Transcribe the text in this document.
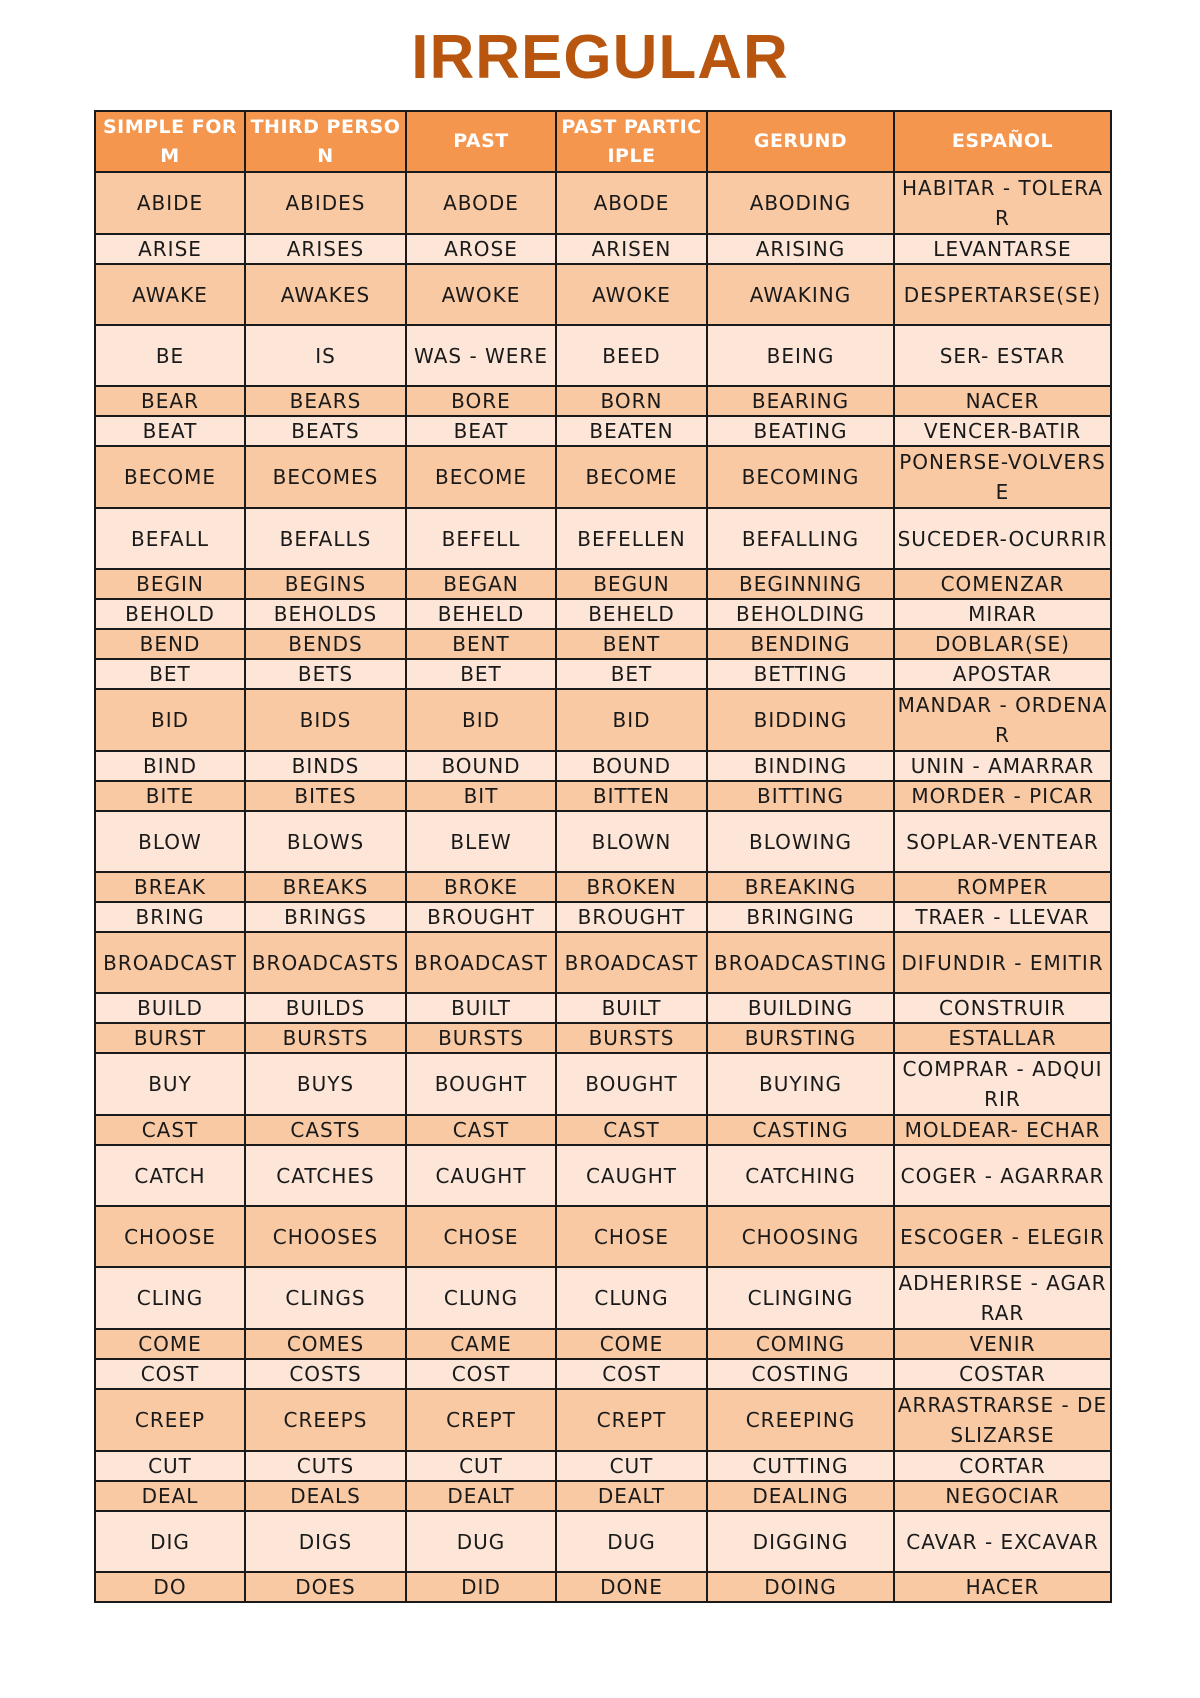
IRREGULAR
SIMPLE FORM	THIRD PERSON	PAST	PAST PARTICIPLE	GERUND	ESPAÑOL
ABIDE	ABIDES	ABODE	ABODE	ABODING	HABITAR - TOLERAR
ARISE	ARISES	AROSE	ARISEN	ARISING	LEVANTARSE
AWAKE	AWAKES	AWOKE	AWOKE	AWAKING	DESPERTARSE(SE)
BE	IS	WAS - WERE	BEED	BEING	SER- ESTAR
BEAR	BEARS	BORE	BORN	BEARING	NACER
BEAT	BEATS	BEAT	BEATEN	BEATING	VENCER-BATIR
BECOME	BECOMES	BECOME	BECOME	BECOMING	PONERSE-VOLVERSE
BEFALL	BEFALLS	BEFELL	BEFELLEN	BEFALLING	SUCEDER-OCURRIR
BEGIN	BEGINS	BEGAN	BEGUN	BEGINNING	COMENZAR
BEHOLD	BEHOLDS	BEHELD	BEHELD	BEHOLDING	MIRAR
BEND	BENDS	BENT	BENT	BENDING	DOBLAR(SE)
BET	BETS	BET	BET	BETTING	APOSTAR
BID	BIDS	BID	BID	BIDDING	MANDAR - ORDENAR
BIND	BINDS	BOUND	BOUND	BINDING	UNIN - AMARRAR
BITE	BITES	BIT	BITTEN	BITTING	MORDER - PICAR
BLOW	BLOWS	BLEW	BLOWN	BLOWING	SOPLAR-VENTEAR
BREAK	BREAKS	BROKE	BROKEN	BREAKING	ROMPER
BRING	BRINGS	BROUGHT	BROUGHT	BRINGING	TRAER - LLEVAR
BROADCAST	BROADCASTS	BROADCAST	BROADCAST	BROADCASTING	DIFUNDIR - EMITIR
BUILD	BUILDS	BUILT	BUILT	BUILDING	CONSTRUIR
BURST	BURSTS	BURSTS	BURSTS	BURSTING	ESTALLAR
BUY	BUYS	BOUGHT	BOUGHT	BUYING	COMPRAR - ADQUIRIR
CAST	CASTS	CAST	CAST	CASTING	MOLDEAR- ECHAR
CATCH	CATCHES	CAUGHT	CAUGHT	CATCHING	COGER - AGARRAR
CHOOSE	CHOOSES	CHOSE	CHOSE	CHOOSING	ESCOGER - ELEGIR
CLING	CLINGS	CLUNG	CLUNG	CLINGING	ADHERIRSE - AGARRAR
COME	COMES	CAME	COME	COMING	VENIR
COST	COSTS	COST	COST	COSTING	COSTAR
CREEP	CREEPS	CREPT	CREPT	CREEPING	ARRASTRARSE - DESLIZARSE
CUT	CUTS	CUT	CUT	CUTTING	CORTAR
DEAL	DEALS	DEALT	DEALT	DEALING	NEGOCIAR
DIG	DIGS	DUG	DUG	DIGGING	CAVAR - EXCAVAR
DO	DOES	DID	DONE	DOING	HACER
